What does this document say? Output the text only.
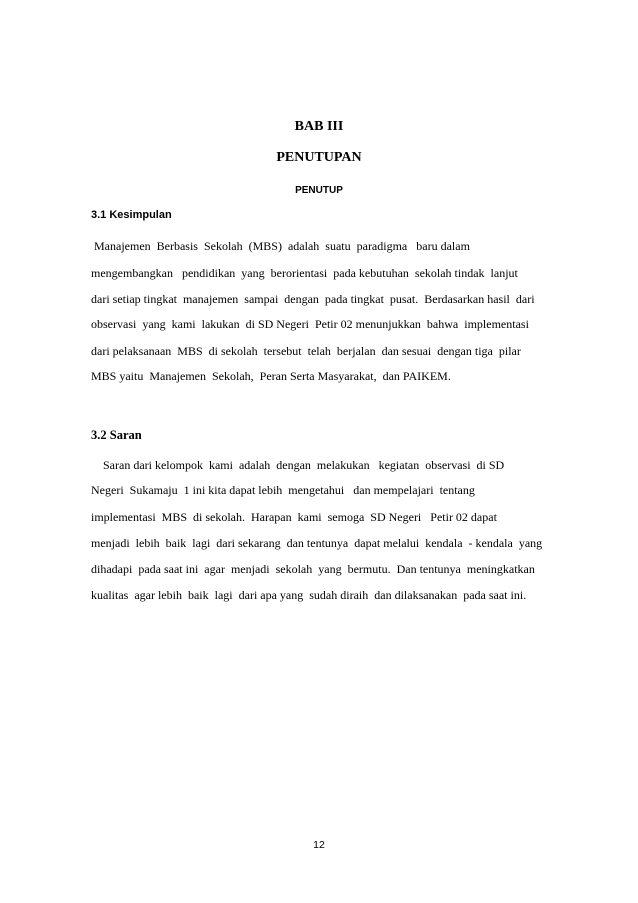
BAB III
PENUTUPAN
PENUTUP
3.1 Kesimpulan
Manajemen  Berbasis  Sekolah  (MBS)  adalah  suatu  paradigma   baru dalam
mengembangkan   pendidikan  yang  berorientasi  pada kebutuhan  sekolah tindak  lanjut
dari setiap tingkat  manajemen  sampai  dengan  pada tingkat  pusat.  Berdasarkan hasil  dari
observasi  yang  kami  lakukan  di SD Negeri  Petir 02 menunjukkan  bahwa  implementasi
dari pelaksanaan  MBS  di sekolah  tersebut  telah  berjalan  dan sesuai  dengan tiga  pilar
MBS yaitu  Manajemen  Sekolah,  Peran Serta Masyarakat,  dan PAIKEM.
3.2 Saran
Saran dari kelompok  kami  adalah  dengan  melakukan   kegiatan  observasi  di SD
Negeri  Sukamaju  1 ini kita dapat lebih  mengetahui   dan mempelajari  tentang
implementasi  MBS  di sekolah.  Harapan  kami  semoga  SD Negeri   Petir 02 dapat
menjadi  lebih  baik  lagi  dari sekarang  dan tentunya  dapat melalui  kendala  - kendala  yang
dihadapi  pada saat ini  agar  menjadi  sekolah  yang  bermutu.  Dan tentunya  meningkatkan
kualitas  agar lebih  baik  lagi  dari apa yang  sudah diraih  dan dilaksanakan  pada saat ini.
12
